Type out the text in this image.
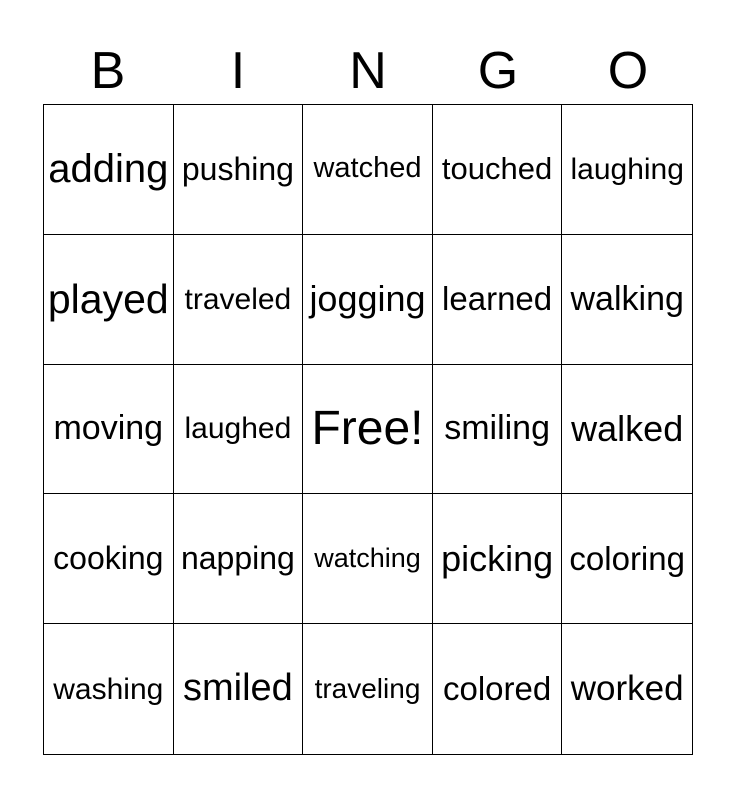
B	I	N	G	O
adding pushing watched touched laughing
played traveled jogging learned walking
moving laughed Free! smiling walked
cooking napping watching picking coloring
washing smiled traveling colored worked
